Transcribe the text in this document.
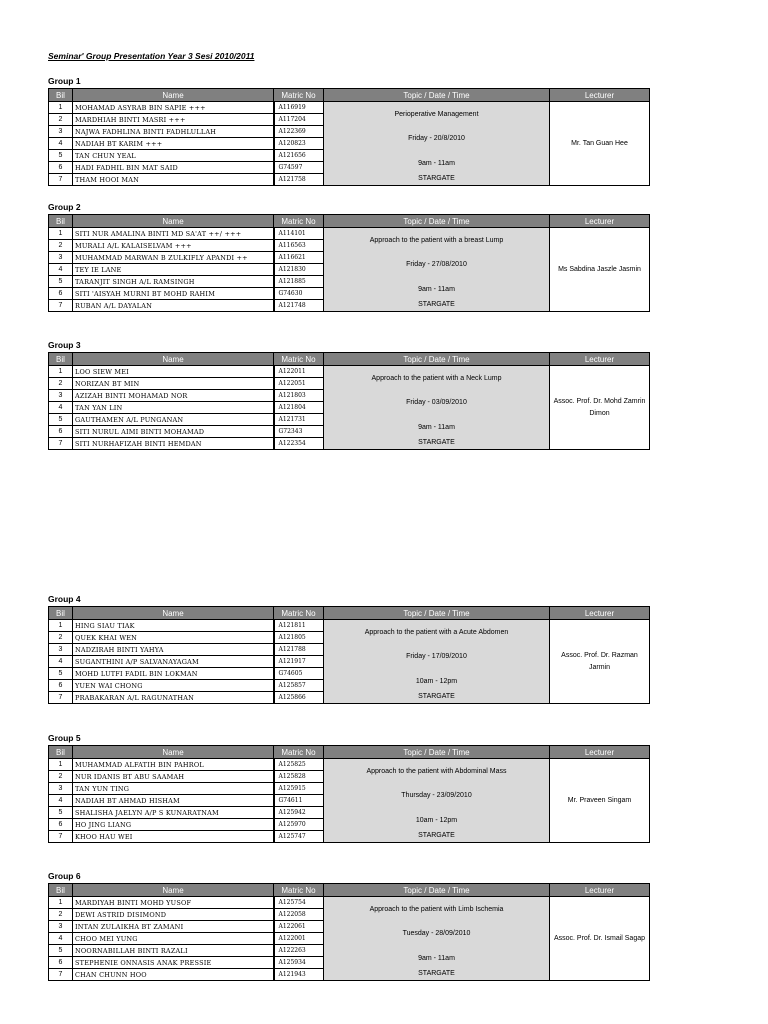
Seminar' Group Presentation Year 3 Sesi 2010/2011
Group 1
Bil	Name	Matric No	Topic / Date / Time	Lecturer
1	MOHAMAD ASYRAB BIN SAPIE +++	A116919	Perioperative Management
Friday - 20/8/2010
9am - 11am
STARGATE	Mr. Tan Guan Hee
2	MARDHIAH BINTI MASRI +++	A117204		
3	NAJWA FADHLINA BINTI FADHLULLAH	A122369		
4	NADIAH BT KARIM +++	A120823		
5	TAN CHUN YEAL	A121656		
6	HADI FADHIL BIN MAT SAID	G74597		
7	THAM HOOI MAN	A121758		
Group 2
Bil	Name	Matric No	Topic / Date / Time	Lecturer
1	SITI NUR AMALINA BINTI MD SA'AT ++/ +++	A114101	Approach to the patient with a breast Lump
Friday - 27/08/2010
9am - 11am
STARGATE	Ms Sabdina Jaszle Jasmin
2	MURALI A/L KALAISELVAM +++	A116563		
3	MUHAMMAD MARWAN B ZULKIFLY APANDI ++	A116621		
4	TEY IE LANE	A121830		
5	TARANJIT SINGH A/L RAMSINGH	A121885		
6	SITI 'AISYAH MURNI BT MOHD RAHIM	G74630		
7	RUBAN A/L DAYALAN	A121748		
Group 3
Bil	Name	Matric No	Topic / Date / Time	Lecturer
1	LOO SIEW MEI	A122011	Approach to the patient with a Neck Lump
Friday - 03/09/2010
9am - 11am
STARGATE	Assoc. Prof. Dr. Mohd Zamrin Dimon
2	NORIZAN BT MIN	A122051		
3	AZIZAH BINTI MOHAMAD NOR	A121803		
4	TAN YAN LIN	A121804		
5	GAUTHAMEN A/L PUNGANAN	A121731		
6	SITI NURUL AIMI BINTI MOHAMAD	G72343		
7	SITI NURHAFIZAH BINTI HEMDAN	A122354		
Group 4
Bil	Name	Matric No	Topic / Date / Time	Lecturer
1	HING SIAU TIAK	A121811	Approach to the patient with a Acute Abdomen
Friday - 17/09/2010
10am - 12pm
STARGATE	Assoc. Prof. Dr. Razman Jarmin
2	QUEK KHAI WEN	A121805		
3	NADZIRAH BINTI YAHYA	A121788		
4	SUGANTHINI A/P SALVANAYAGAM	A121917		
5	MOHD LUTFI FADIL BIN LOKMAN	G74605		
6	YUEN WAI CHONG	A125857		
7	PRABAKARAN A/L RAGUNATHAN	A125866		
Group 5
Bil	Name	Matric No	Topic / Date / Time	Lecturer
1	MUHAMMAD ALFATIH BIN PAHROL	A125825	Approach to the patient with Abdominal Mass
Thursday - 23/09/2010
10am - 12pm
STARGATE	Mr. Praveen Singam
2	NUR IDANIS BT ABU SAAMAH	A125828		
3	TAN YUN TING	A125915		
4	NADIAH BT AHMAD HISHAM	G74611		
5	SHALISHA JAELYN A/P S KUNARATNAM	A125942		
6	HO JING LIANG	A125970		
7	KHOO HAU WEI	A125747		
Group 6
Bil	Name	Matric No	Topic / Date / Time	Lecturer
1	MARDIYAH BINTI MOHD YUSOF	A125754	Approach to the patient with Limb Ischemia
Tuesday - 28/09/2010
9am - 11am
STARGATE	Assoc. Prof. Dr. Ismail Sagap
2	DEWI ASTRID DISIMOND	A122058		
3	INTAN ZULAIKHA BT ZAMANI	A122061		
4	CHOO MEI YUNG	A122001		
5	NOORNABILLAH BINTI RAZALI	A122263		
6	STEPHENIE ONNASIS ANAK PRESSIE	A125934		
7	CHAN CHUNN HOO	A121943		
